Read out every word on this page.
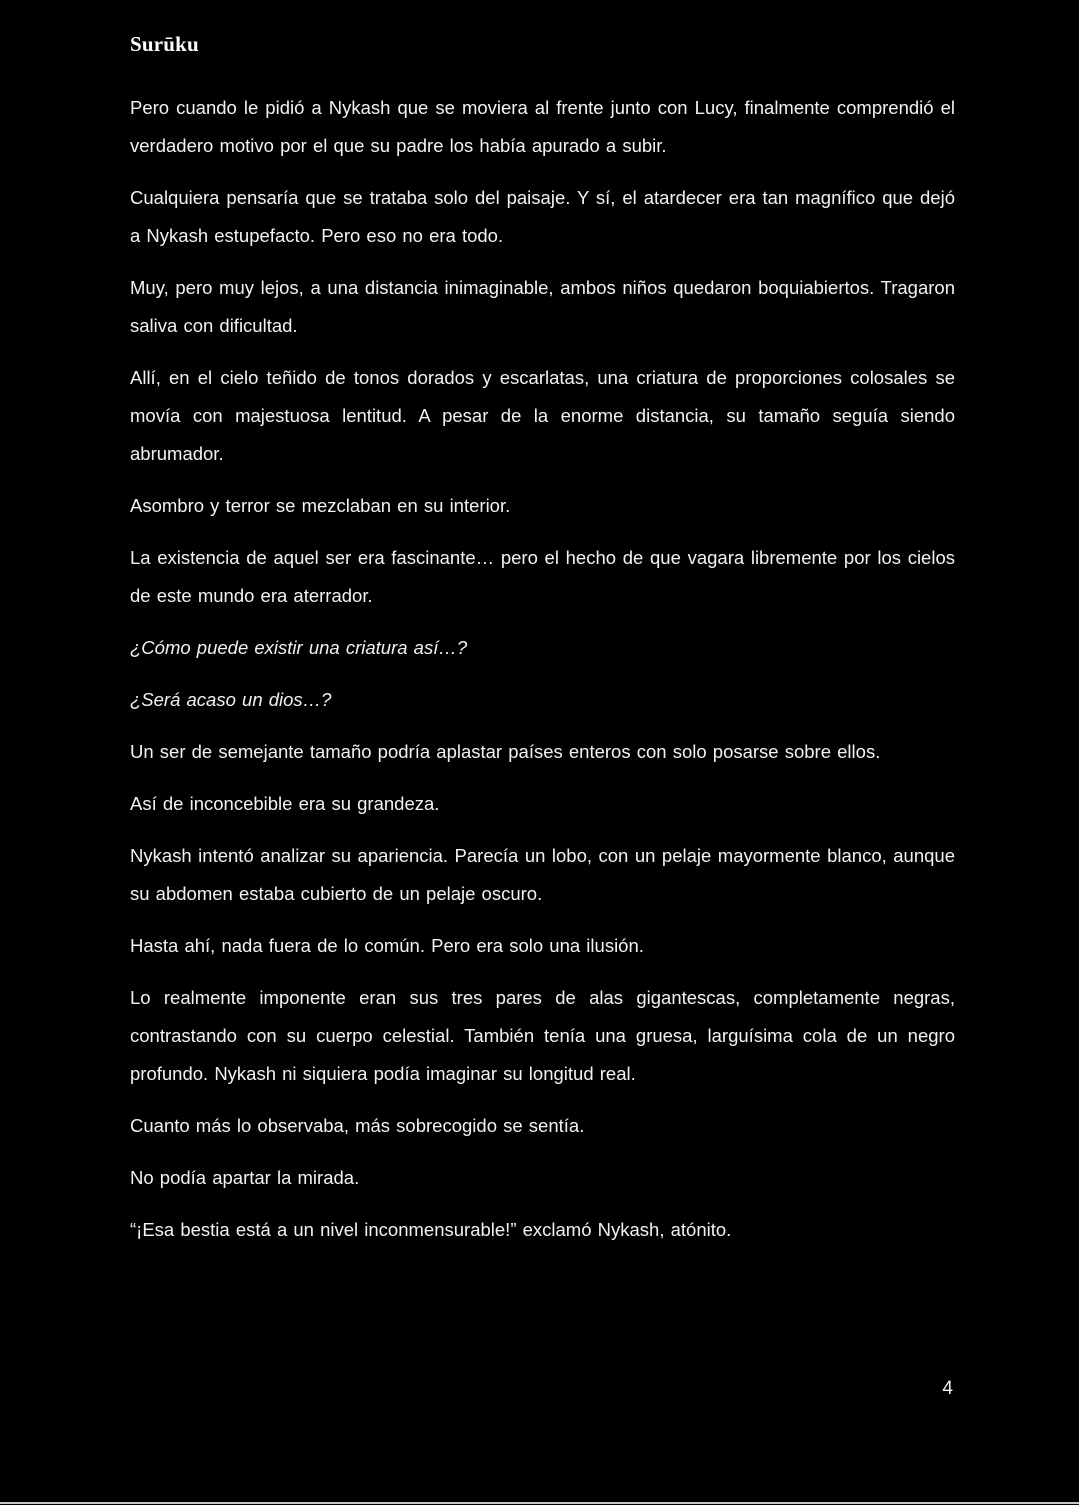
Surūku

Pero cuando le pidió a Nykash que se moviera al frente junto con Lucy, finalmente comprendió el verdadero motivo por el que su padre los había apurado a subir.

Cualquiera pensaría que se trataba solo del paisaje. Y sí, el atardecer era tan magnífico que dejó a Nykash estupefacto. Pero eso no era todo.

Muy, pero muy lejos, a una distancia inimaginable, ambos niños quedaron boquiabiertos. Tragaron saliva con dificultad.

Allí, en el cielo teñido de tonos dorados y escarlatas, una criatura de proporciones colosales se movía con majestuosa lentitud. A pesar de la enorme distancia, su tamaño seguía siendo abrumador.

Asombro y terror se mezclaban en su interior.

La existencia de aquel ser era fascinante… pero el hecho de que vagara libremente por los cielos de este mundo era aterrador.

¿Cómo puede existir una criatura así…?

¿Será acaso un dios…?

Un ser de semejante tamaño podría aplastar países enteros con solo posarse sobre ellos.

Así de inconcebible era su grandeza.

Nykash intentó analizar su apariencia. Parecía un lobo, con un pelaje mayormente blanco, aunque su abdomen estaba cubierto de un pelaje oscuro.

Hasta ahí, nada fuera de lo común. Pero era solo una ilusión.

Lo realmente imponente eran sus tres pares de alas gigantescas, completamente negras, contrastando con su cuerpo celestial. También tenía una gruesa, larguísima cola de un negro profundo. Nykash ni siquiera podía imaginar su longitud real.

Cuanto más lo observaba, más sobrecogido se sentía.

No podía apartar la mirada.

“¡Esa bestia está a un nivel inconmensurable!” exclamó Nykash, atónito.

4
